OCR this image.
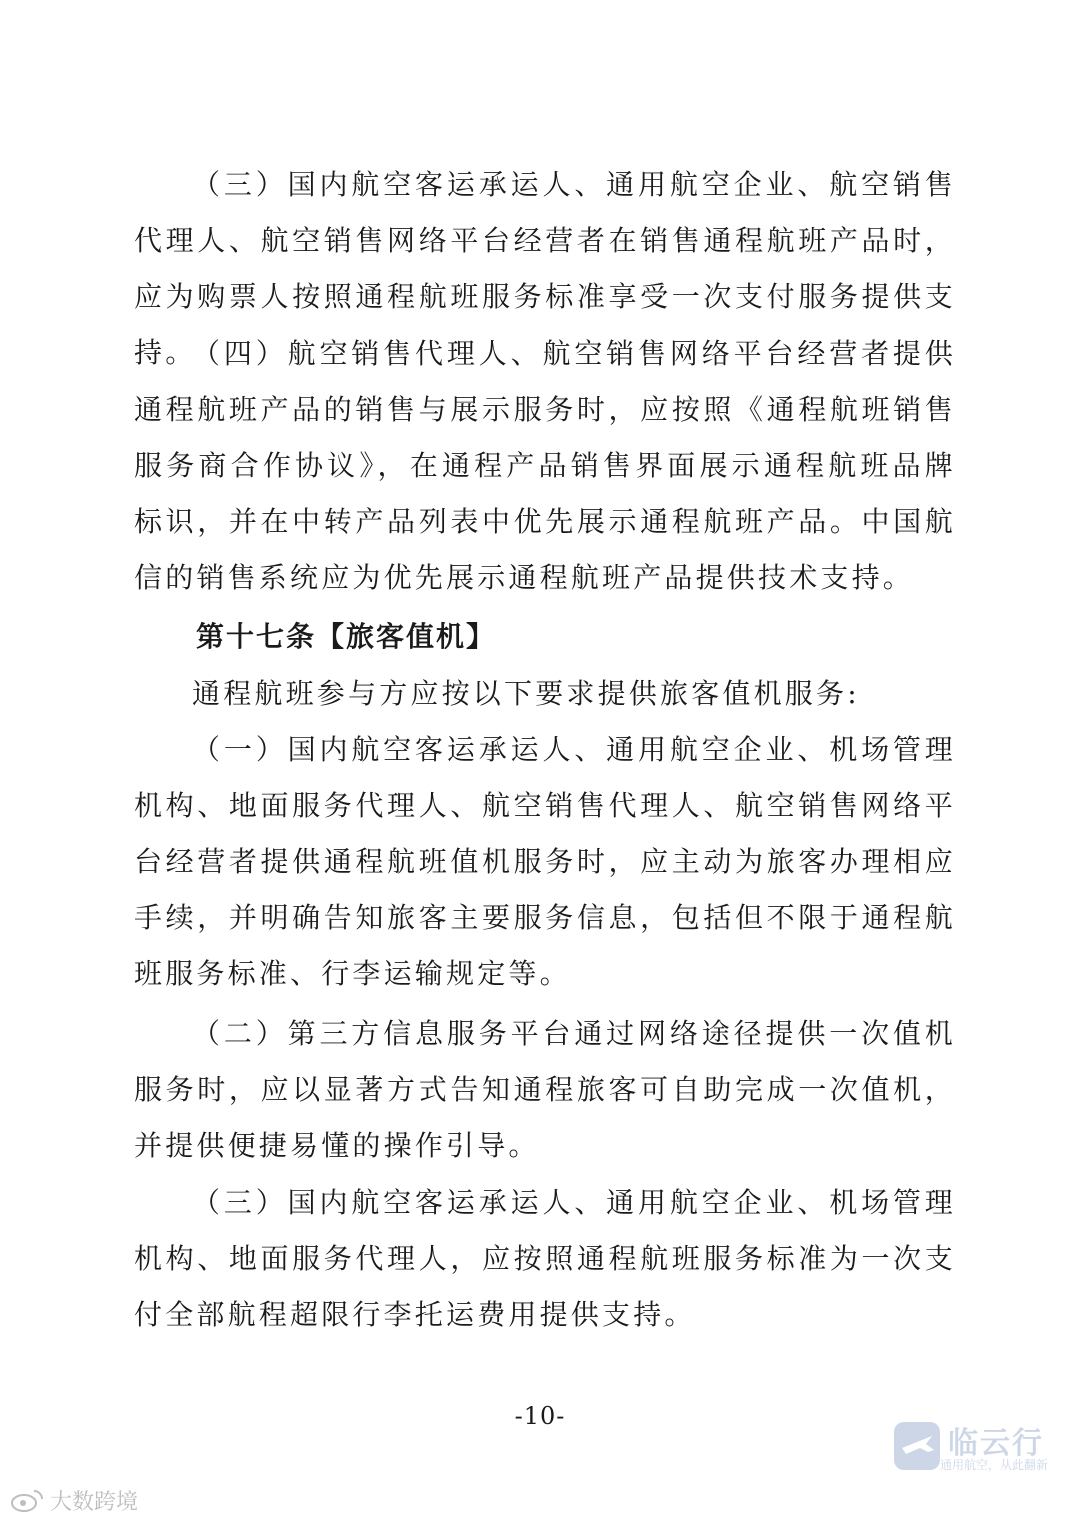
（三）国内航空客运承运人、通用航空企业、航空销售代理人、航空销售网络平台经营者在销售通程航班产品时，应为购票人按照通程航班服务标准享受一次支付服务提供支持。

（四）航空销售代理人、航空销售网络平台经营者提供通程航班产品的销售与展示服务时，应按照《通程航班销售服务商合作协议》，在通程产品销售界面展示通程航班品牌标识，并在中转产品列表中优先展示通程航班产品。中国航信的销售系统应为优先展示通程航班产品提供技术支持。

第十七条【旅客值机】

通程航班参与方应按以下要求提供旅客值机服务:

（一）国内航空客运承运人、通用航空企业、机场管理机构、地面服务代理人、航空销售代理人、航空销售网络平台经营者提供通程航班值机服务时，应主动为旅客办理相应手续，并明确告知旅客主要服务信息，包括但不限于通程航班服务标准、行李运输规定等。

（二）第三方信息服务平台通过网络途径提供一次值机服务时，应以显著方式告知通程旅客可自助完成一次值机，并提供便捷易懂的操作引导。

（三）国内航空客运承运人、通用航空企业、机场管理机构、地面服务代理人，应按照通程航班服务标准为一次支付全部航程超限行李托运费用提供支持。

-10-
大数跨境
临云行
通用航空，从此翻新
